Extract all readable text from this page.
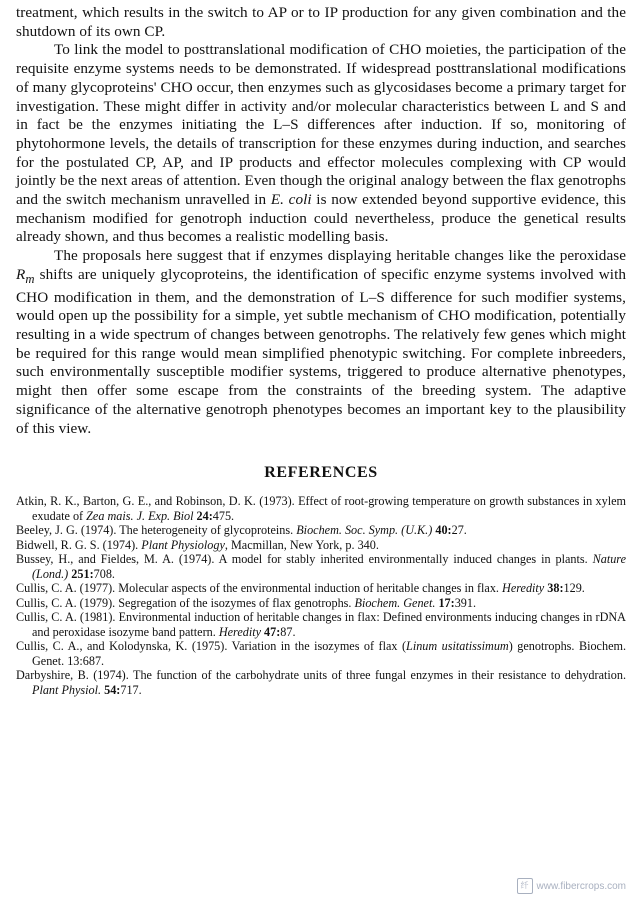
treatment, which results in the switch to AP or to IP production for any given combination and the shutdown of its own CP.

To link the model to posttranslational modification of CHO moieties, the participation of the requisite enzyme systems needs to be demonstrated. If widespread posttranslational modifications of many glycoproteins' CHO occur, then enzymes such as glycosidases become a primary target for investigation. These might differ in activity and/or molecular characteristics between L and S and in fact be the enzymes initiating the L–S differences after induction. If so, monitoring of phytohormone levels, the details of transcription for these enzymes during induction, and searches for the postulated CP, AP, and IP products and effector molecules complexing with CP would jointly be the next areas of attention. Even though the original analogy between the flax genotrophs and the switch mechanism unravelled in E. coli is now extended beyond supportive evidence, this mechanism modified for genotroph induction could nevertheless, produce the genetical results already shown, and thus becomes a realistic modelling basis.

The proposals here suggest that if enzymes displaying heritable changes like the peroxidase $R_m$ shifts are uniquely glycoproteins, the identification of specific enzyme systems involved with CHO modification in them, and the demonstration of L–S difference for such modifier systems, would open up the possibility for a simple, yet subtle mechanism of CHO modification, potentially resulting in a wide spectrum of changes between genotrophs. The relatively few genes which might be required for this range would mean simplified phenotypic switching. For complete inbreeders, such environmentally susceptible modifier systems, triggered to produce alternative phenotypes, might then offer some escape from the constraints of the breeding system. The adaptive significance of the alternative genotroph phenotypes becomes an important key to the plausibility of this view.

REFERENCES

Atkin, R. K., Barton, G. E., and Robinson, D. K. (1973). Effect of root-growing temperature on growth substances in xylem exudate of Zea mais. J. Exp. Biol 24:475.

Beeley, J. G. (1974). The heterogeneity of glycoproteins. Biochem. Soc. Symp. (U.K.) 40:27.

Bidwell, R. G. S. (1974). Plant Physiology, Macmillan, New York, p. 340.

Bussey, H., and Fieldes, M. A. (1974). A model for stably inherited environmentally induced changes in plants. Nature (Lond.) 251:708.

Cullis, C. A. (1977). Molecular aspects of the environmental induction of heritable changes in flax. Heredity 38:129.

Cullis, C. A. (1979). Segregation of the isozymes of flax genotrophs. Biochem. Genet. 17:391.

Cullis, C. A. (1981). Environmental induction of heritable changes in flax: Defined environments inducing changes in rDNA and peroxidase isozyme band pattern. Heredity 47:87.

Cullis, C. A., and Kolodynska, K. (1975). Variation in the isozymes of flax (Linum usitatissimum) genotrophs. Biochem. Genet. 13:687.

Darbyshire, B. (1974). The function of the carbohydrate units of three fungal enzymes in their resistance to dehydration. Plant Physiol. 54:717.

纤 www.fibercrops.com
